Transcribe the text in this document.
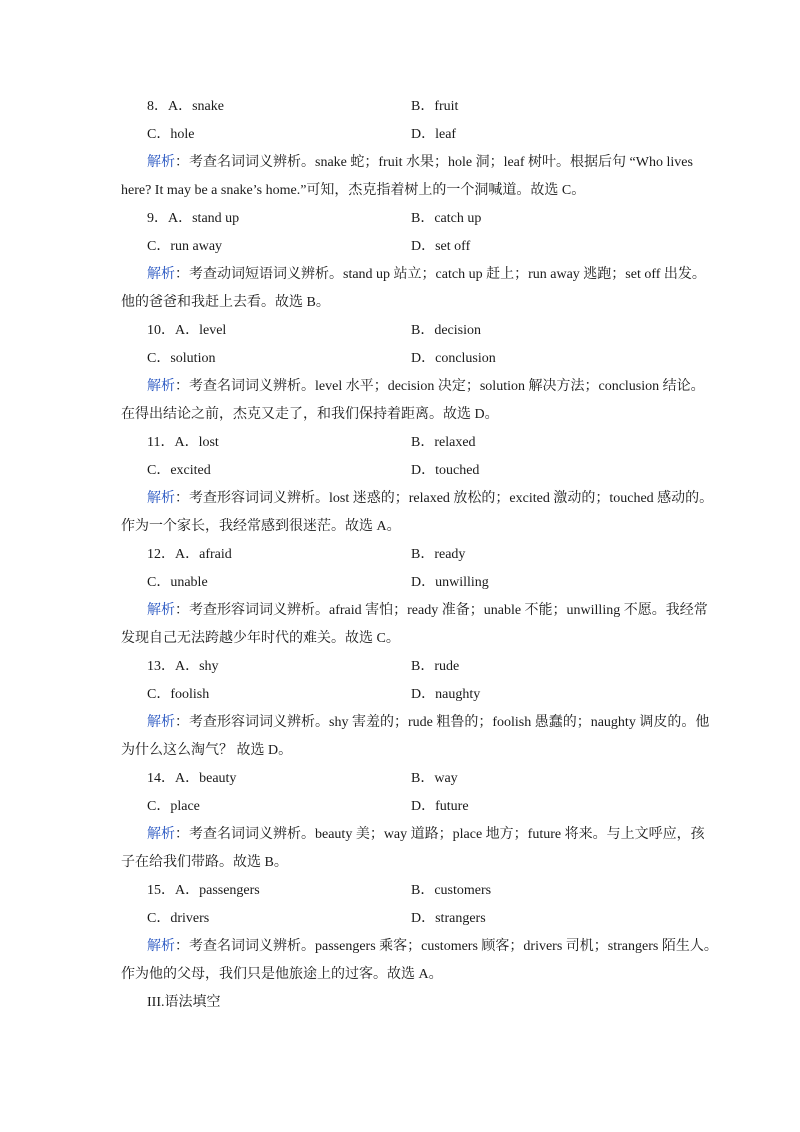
8．A．snake	B．fruit
C．hole	D．leaf
解析：考查名词词义辨析。snake 蛇；fruit 水果；hole 洞；leaf 树叶。根据后句 “Who lives
here? It may be a snake’s home.”可知，杰克指着树上的一个洞喊道。故选 C。
9．A．stand up	B．catch up
C．run away	D．set off
解析：考查动词短语词义辨析。stand up 站立；catch up 赶上；run away 逃跑；set off 出发。
他的爸爸和我赶上去看。故选 B。
10．A．level	B．decision
C．solution	D．conclusion
解析：考查名词词义辨析。level 水平；decision 决定；solution 解决方法；conclusion 结论。
在得出结论之前，杰克又走了，和我们保持着距离。故选 D。
11．A．lost	B．relaxed
C．excited	D．touched
解析：考查形容词词义辨析。lost 迷惑的；relaxed 放松的；excited 激动的；touched 感动的。
作为一个家长，我经常感到很迷茫。故选 A。
12．A．afraid	B．ready
C．unable	D．unwilling
解析：考查形容词词义辨析。afraid 害怕；ready 准备；unable 不能；unwilling 不愿。我经常
发现自己无法跨越少年时代的难关。故选 C。
13．A．shy	B．rude
C．foolish	D．naughty
解析：考查形容词词义辨析。shy 害羞的；rude 粗鲁的；foolish 愚蠢的；naughty 调皮的。他
为什么这么淘气？ 故选 D。
14．A．beauty	B．way
C．place	D．future
解析：考查名词词义辨析。beauty 美；way 道路；place 地方；future 将来。与上文呼应，孩
子在给我们带路。故选 B。
15．A．passengers	B．customers
C．drivers	D．strangers
解析：考查名词词义辨析。passengers 乘客；customers 顾客；drivers 司机；strangers 陌生人。
作为他的父母，我们只是他旅途上的过客。故选 A。
III.语法填空
